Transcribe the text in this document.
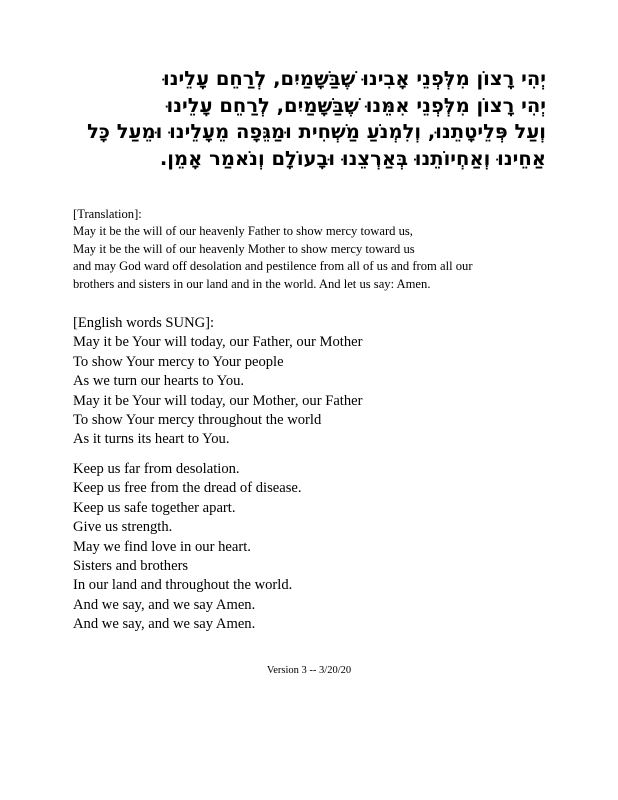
יְהִי רָצוֹן מִלְּפְנֵי אָבִינוּ שֶׁבַּשָּׁמַיִם, לְרַחֵם עָלֵינוּ
יְהִי רָצוֹן מִלְּפְנֵי אִמֵּנוּ שֶׁבַּשָּׁמַיִם, לְרַחֵם עָלֵינוּ
וְעַל פְּלֵיטָתֵנוּ, וְלִמְנֹעַ מַשְׁחִית וּמַגֵּפָה מֵעָלֵינוּ וּמֵעַל כָּל
אַחֵינוּ וְאַחְיוֹתֵנוּ בְּאַרְצֵנוּ וּבָעוֹלָם וְנֹאמַר אָמֵן.
[Translation]:
May it be the will of our heavenly Father to show mercy toward us,
May it be the will of our heavenly Mother to show mercy toward us
and may God ward off desolation and pestilence from all of us and from all our
brothers and sisters in our land and in the world. And let us say: Amen.
[English words SUNG]:
May it be Your will today, our Father, our Mother
To show Your mercy to Your people
As we turn our hearts to You.
May it be Your will today, our Mother, our Father
To show Your mercy throughout the world
As it turns its heart to You.
Keep us far from desolation.
Keep us free from the dread of disease.
Keep us safe together apart.
Give us strength.
May we find love in our heart.
Sisters and brothers
In our land and throughout the world.
And we say, and we say Amen.
And we say, and we say Amen.
Version 3 -- 3/20/20
